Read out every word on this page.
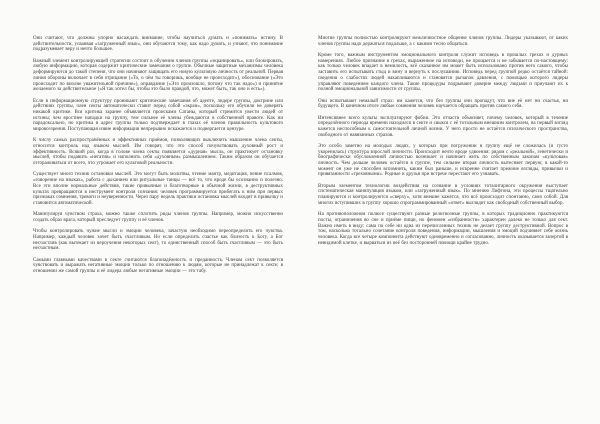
Они считают, что должны упорно насаждать внимание, чтобы научиться думать и «понимать» истину. В действительности, усваивая «загруженный язык», они обучаются тому, как надо думать, и узнают, что понимание подразумевает веру и нечто большее.

Важный элемент контролирующей стратегии состоит в обучении членов группы «экранировать», или блокировать, любую информацию, которая содержит критические замечания о группе. Обычные защитные механизмы человека деформируются до такой степени, что они начинают защищать его новую культовую личность от реальной. Первая линия обороны включает в себя отрицание («То, о чём ты говоришь, вообще не происходит»), обоснование («Это происходит по вполне уважительной причине»), оправдание («Это произошло, потому что так надо») и принятие желаемого за действительное («Я так хотел бы, чтобы это было правдой, что, может быть, так оно и есть»).

Если в информационную структуру проникают критические замечания об адепте, лидере группы, доктрине или действиях группы, член секты автоматически ставит перед собой «экран», поскольку его обучили не доверять никакой критике. Вся критика заранее объявляется происками Сатаны, который стремится увести людей от истины; чем яростнее нападки на группу, тем сильнее её члены убеждаются в собственной правоте. Как ни парадоксально, но критика в адрес группы только подтверждает в глазах её членов правильность культового мировоззрения. Поступающая извне информация непрерывно искажается и подвергается цензуре.

К числу самых распространённых и эффективных приёмов, позволяющих выключить мышление члена секты, относится контроль над языком мыслей. Им говорят, что это способ почувствовать духовный рост и эффективность. Всякий раз, когда в голове члена секты появляется «дурная» мысль, он практикует остановку мыслей, чтобы подавить «негатив» и наполнить себя «духовным» размышлением. Таким образом он обучается отгораживаться от всего, что угрожает его культовой реальности.

Существует много техник остановки мыслей. Это могут быть молитвы, чтение мантр, медитация, пение псалмов, «говорение на языках», работа с дыханием или ритуальные танцы — всё то, что вроде бы осознанно и полезно. Все эти вполне нормальные действия, такие привычные и благотворные в обычной жизни, в деструктивных культах превращаются в инструмент контроля сознания: человек программируется прибегать к ним при первых признаках сомнения, тревоги и неуверенности. Через пару недель практики остановка мыслей входит в привычку и становится автоматической.

Манипулируя чувством страха, можно также сплотить ряды членов группы. Например, можно искусственно создать образ врага, который преследует группу и её членов.

Чтобы контролировать чужие мысли и эмоции человека, зачастую необходимо переопределить его чувства. Например, каждый человек хочет быть счастливым. Но если определить счастье как близость к Богу, а Бог несчастлив (как вытекает из вероучения некоторых сект), то единственный способ быть счастливым — это быть несчастным.

Самыми главными качествами в секте считаются благонадёжность и преданность. Членам сект позволяется чувствовать и выражать негативные эмоции только по отношению к людям, которые не принадлежат к секте; в отношении же самой группы и её лидера любые негативные эмоции — это табу.

Многие группы полностью контролируют межличностное общение членов группы. Лидеры указывают, от каких членов группы надо держаться подальше, а с какими тесно общаться.

Кроме того, важным инструментом эмоционального контроля служит исповедь в прошлых грехах и дурных намерениях. Любое признание в грехах, выраженное на исповеди, не прощается и не забывается по-настоящему: как только человек впадает в немилость, всё сказанное им может быть использовано против него самого, чтобы заставить его испытывать стыд и вину и вернуть к послушанию. Исповедь перед группой редко остаётся тайной: сведения о слабостях людей накапливаются и становятся рычагом давления, с помощью которого лидеры управляют поведением каждого члена. Такие процедуры подрывают доверие между людьми и приучают их к полной эмоциональной зависимости от группы.

Они испытывают немалый страх: им кажется, что без группы они пропадут, что вне её нет ни счастья, ни будущего. В конечном итоге любые сомнения человек научается обращать против самого себя.

Интенсивнее всего культы эксплуатируют фобии. Это отчасти объясняет, почему человек, который в течение определённого периода времени находился в секте и свыкся с её тотальным внешним контролем, на первый взгляд кажется неспособным к самостоятельной личной жизни. У него просто не остаётся психического пространства, свободного от навязанных страхов.

Это особо заметно на молодых людях, у которых при погружении в группу ещё не сложилась (и густо укоренилась) структура взрослой личности. Происходит нечто вроде удвоения: рядом с «реальной», генетически и биографически обусловленной личностью возникает и начинает жить по собственным законам «культовая» личность. Чем дольше человек остаётся в группе, тем сильнее вторая личность вытесняет первую; в какой-то момент он уже не способен вспомнить, каким был раньше, и искренне считает прежние взгляды, привычки и привязанности «греховными». Родные и друзья при встрече перестают его узнавать.

Вторым элементом технологии воздействия на сознание в условиях тоталитарного окружения выступает систематическая манипуляция языком, или «загруженный язык». По мнению Лифтона, эти процессы тщательно планируются и контролируются «сверху», хотя внешне кажется, что всё происходит спонтанно, само собой. Для многих вступивших в группу хорошо спрограммированный «ответ» выглядит как свободный собственный выбор.

На противоположном полюсе существуют разные религиозные группы, в которых традиционно практикуются посты, ограничения во сне и приёме пищи, но феномен «избранности» характерен далеко не только для сект. Важно иметь в виду: сама по себе ни одна из перечисленных техник не делает группу деструктивной. Вопрос в том, насколько тотально сочетание контроля поведения, информации, мышления и эмоций подчиняет себе жизнь человека. Когда все четыре компонента действуют одновременно и согласованно, личность оказывается запертой в невидимой клетке, и вырваться из неё без посторонней помощи крайне трудно.
